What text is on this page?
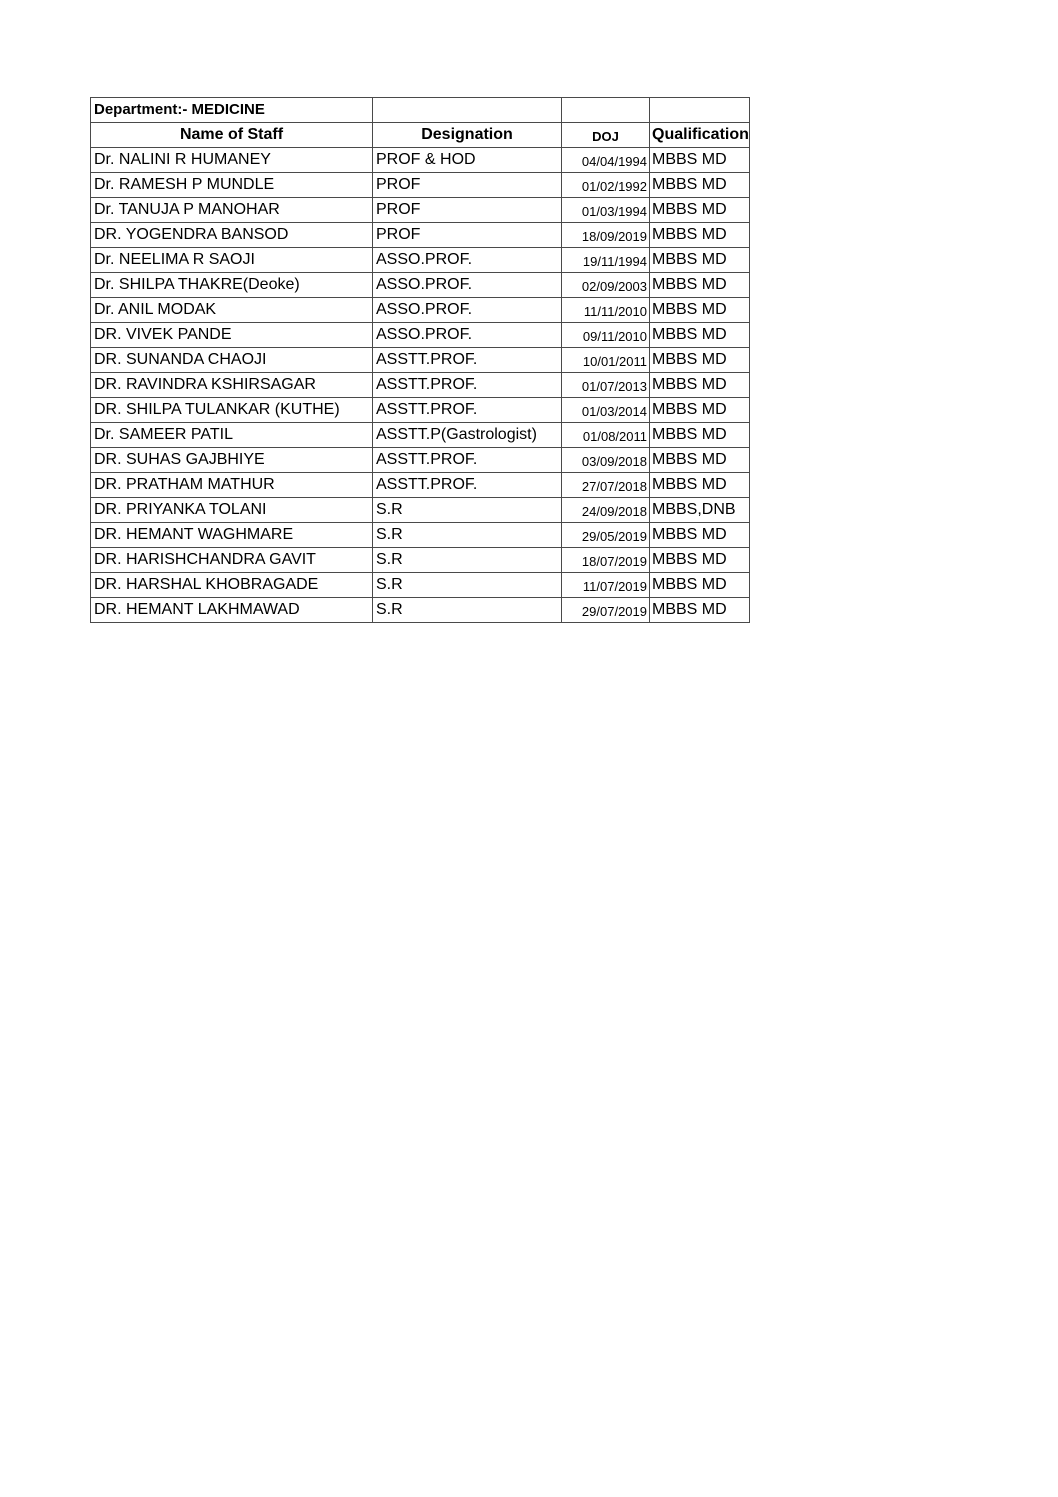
Department:- MEDICINE			
Name of Staff	Designation	DOJ	Qualification
Dr. NALINI R HUMANEY	PROF & HOD	04/04/1994	MBBS MD
Dr. RAMESH P MUNDLE	PROF	01/02/1992	MBBS MD
Dr. TANUJA P MANOHAR	PROF	01/03/1994	MBBS MD
DR. YOGENDRA BANSOD	PROF	18/09/2019	MBBS MD
Dr. NEELIMA R SAOJI	ASSO.PROF.	19/11/1994	MBBS MD
Dr. SHILPA THAKRE(Deoke)	ASSO.PROF.	02/09/2003	MBBS MD
Dr. ANIL MODAK	ASSO.PROF.	11/11/2010	MBBS MD
DR. VIVEK PANDE	ASSO.PROF.	09/11/2010	MBBS MD
DR. SUNANDA CHAOJI	ASSTT.PROF.	10/01/2011	MBBS MD
DR. RAVINDRA KSHIRSAGAR	ASSTT.PROF.	01/07/2013	MBBS MD
DR. SHILPA TULANKAR (KUTHE)	ASSTT.PROF.	01/03/2014	MBBS MD
Dr. SAMEER PATIL	ASSTT.P(Gastrologist)	01/08/2011	MBBS MD
DR. SUHAS GAJBHIYE	ASSTT.PROF.	03/09/2018	MBBS MD
DR. PRATHAM MATHUR	ASSTT.PROF.	27/07/2018	MBBS MD
DR. PRIYANKA TOLANI	S.R	24/09/2018	MBBS,DNB
DR. HEMANT WAGHMARE	S.R	29/05/2019	MBBS MD
DR. HARISHCHANDRA GAVIT	S.R	18/07/2019	MBBS MD
DR. HARSHAL KHOBRAGADE	S.R	11/07/2019	MBBS MD
DR. HEMANT LAKHMAWAD	S.R	29/07/2019	MBBS MD
